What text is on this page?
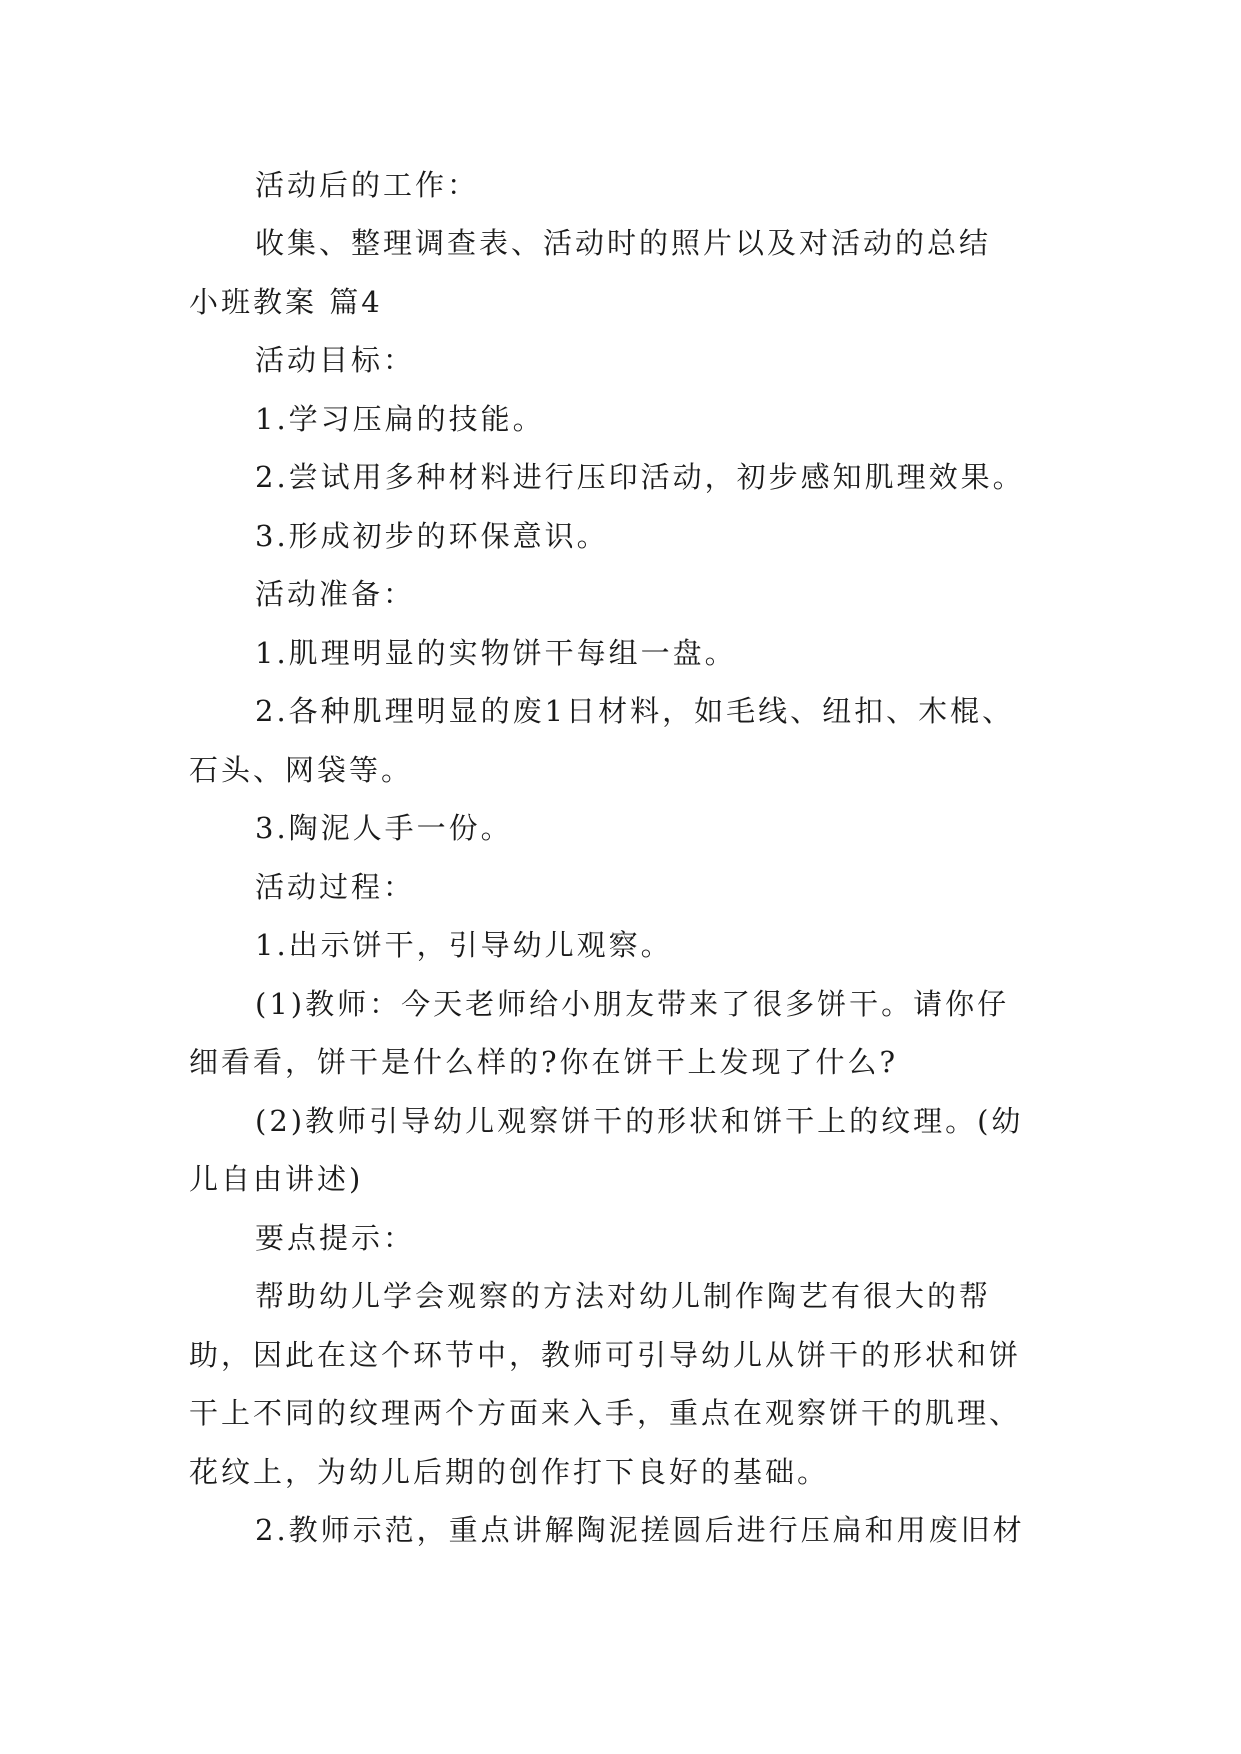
活动后的工作：
收集、整理调查表、活动时的照片以及对活动的总结
小班教案 篇4
活动目标：
1.学习压扁的技能。
2.尝试用多种材料进行压印活动，初步感知肌理效果。
3.形成初步的环保意识。
活动准备：
1.肌理明显的实物饼干每组一盘。
2.各种肌理明显的废1日材料，如毛线、纽扣、木棍、
石头、网袋等。
3.陶泥人手一份。
活动过程：
1.出示饼干，引导幼儿观察。
(1)教师：今天老师给小朋友带来了很多饼干。请你仔
细看看，饼干是什么样的?你在饼干上发现了什么?
(2)教师引导幼儿观察饼干的形状和饼干上的纹理。(幼
儿自由讲述)
要点提示：
帮助幼儿学会观察的方法对幼儿制作陶艺有很大的帮
助，因此在这个环节中，教师可引导幼儿从饼干的形状和饼
干上不同的纹理两个方面来入手，重点在观察饼干的肌理、
花纹上，为幼儿后期的创作打下良好的基础。
2.教师示范，重点讲解陶泥搓圆后进行压扁和用废旧材
